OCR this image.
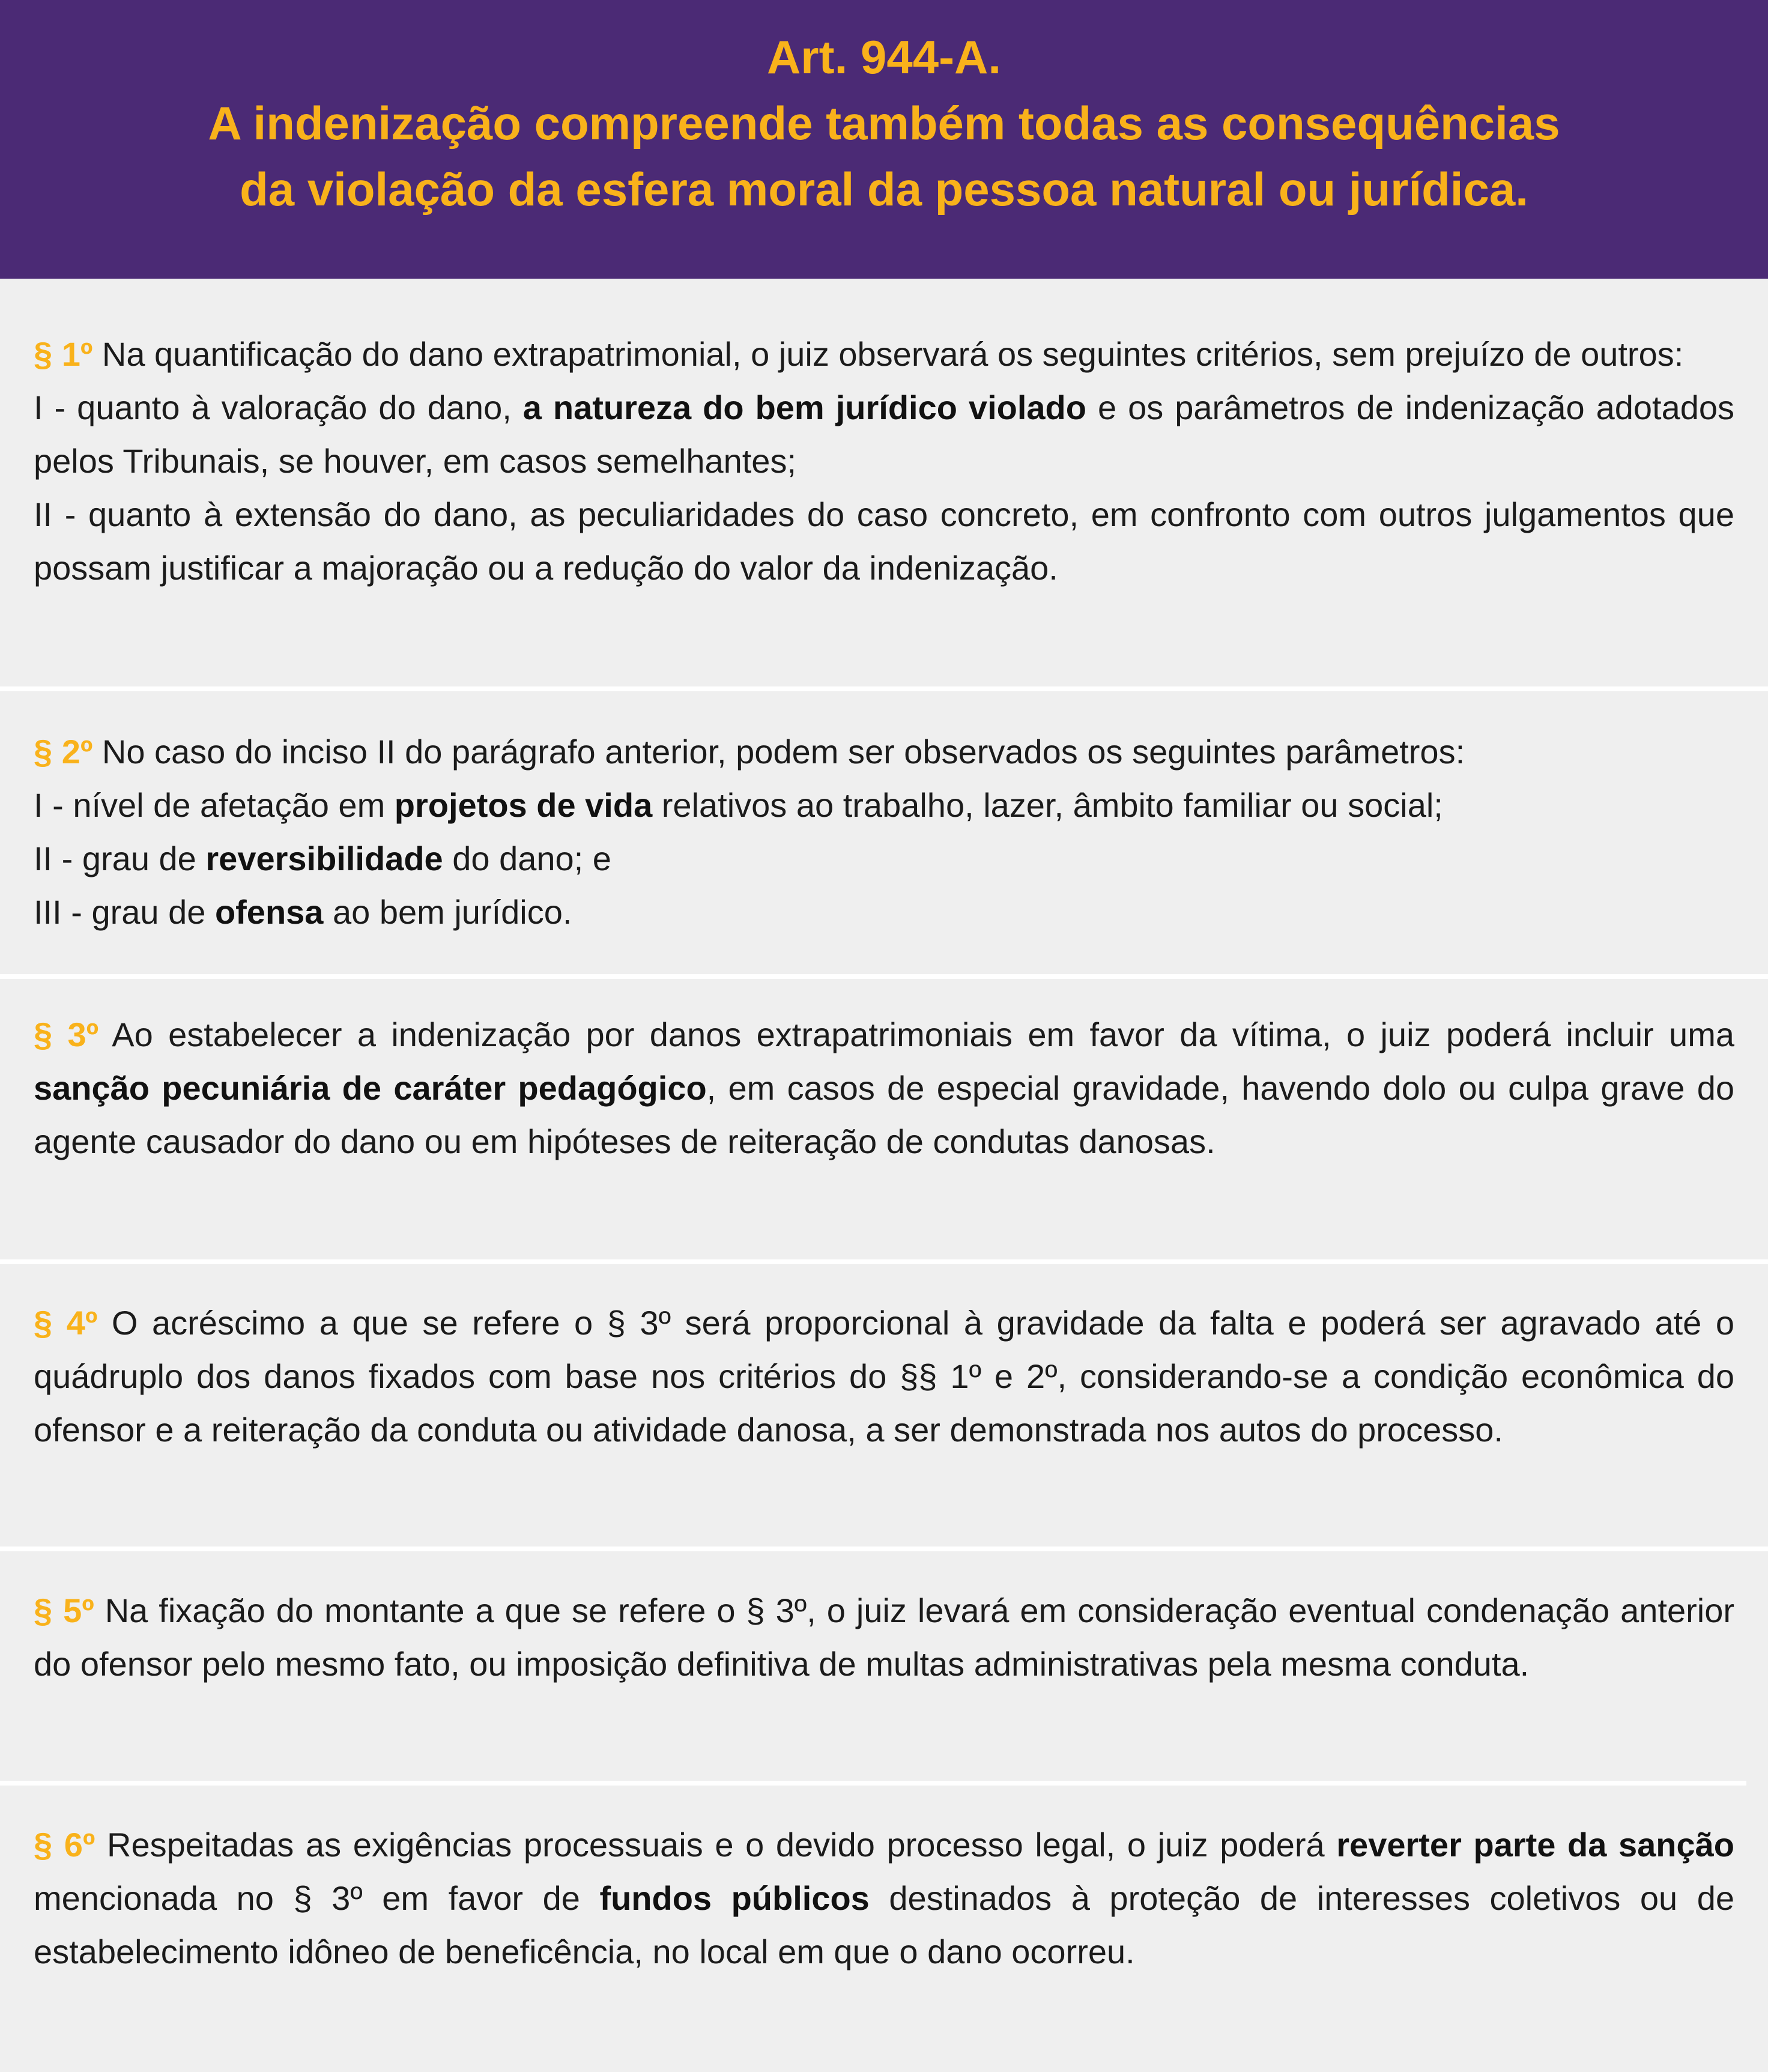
Art. 944-A.
A indenização compreende também todas as consequências
da violação da esfera moral da pessoa natural ou jurídica.

§ 1º Na quantificação do dano extrapatrimonial, o juiz observará os seguintes critérios, sem prejuízo de outros:

I - quanto à valoração do dano, a natureza do bem jurídico violado e os parâmetros de indenização adotados pelos Tribunais, se houver, em casos semelhantes;

II - quanto à extensão do dano, as peculiaridades do caso concreto, em confronto com outros julgamentos que possam justificar a majoração ou a redução do valor da indenização.

§ 2º No caso do inciso II do parágrafo anterior, podem ser observados os seguintes parâmetros:

I - nível de afetação em projetos de vida relativos ao trabalho, lazer, âmbito familiar ou social;

II - grau de reversibilidade do dano; e

III - grau de ofensa ao bem jurídico.

§ 3º Ao estabelecer a indenização por danos extrapatrimoniais em favor da vítima, o juiz poderá incluir uma sanção pecuniária de caráter pedagógico, em casos de especial gravidade, havendo dolo ou culpa grave do agente causador do dano ou em hipóteses de reiteração de condutas danosas.

§ 4º O acréscimo a que se refere o § 3º será proporcional à gravidade da falta e poderá ser agravado até o quádruplo dos danos fixados com base nos critérios do §§ 1º e 2º, considerando-se a condição econômica do ofensor e a reiteração da conduta ou atividade danosa, a ser demonstrada nos autos do processo.

§ 5º Na fixação do montante a que se refere o § 3º, o juiz levará em consideração eventual condenação anterior do ofensor pelo mesmo fato, ou imposição definitiva de multas administrativas pela mesma conduta.

§ 6º Respeitadas as exigências processuais e o devido processo legal, o juiz poderá reverter parte da sanção mencionada no § 3º em favor de fundos públicos destinados à proteção de interesses coletivos ou de estabelecimento idôneo de beneficência, no local em que o dano ocorreu.
